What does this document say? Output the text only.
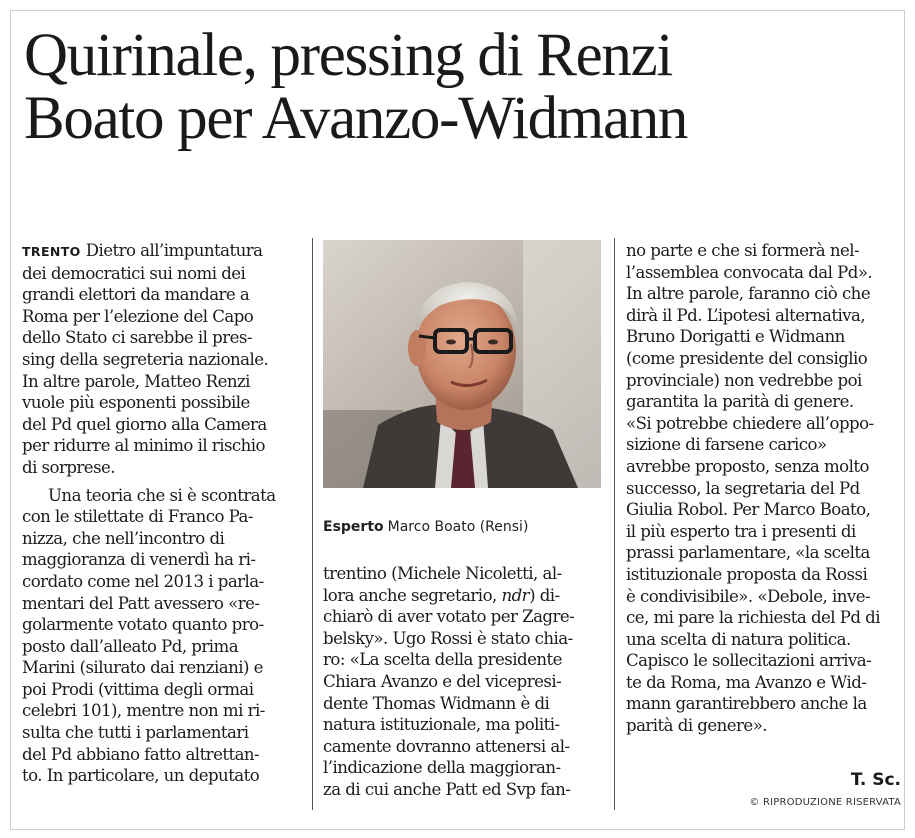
Quirinale, pressing di Renzi
Boato per Avanzo-Widmann
TRENTO Dietro all’impuntatura
dei democratici sui nomi dei
grandi elettori da mandare a
Roma per l’elezione del Capo
dello Stato ci sarebbe il pres-
sing della segreteria nazionale.
In altre parole, Matteo Renzi
vuole più esponenti possibile
del Pd quel giorno alla Camera
per ridurre al minimo il rischio
di sorprese.
Una teoria che si è scontrata
con le stilettate di Franco Pa-
nizza, che nell’incontro di
maggioranza di venerdì ha ri-
cordato come nel 2013 i parla-
mentari del Patt avessero «re-
golarmente votato quanto pro-
posto dall’alleato Pd, prima
Marini (silurato dai renziani) e
poi Prodi (vittima degli ormai
celebri 101), mentre non mi ri-
sulta che tutti i parlamentari
del Pd abbiano fatto altrettan-
to. In particolare, un deputato
Esperto Marco Boato (Rensi)
trentino (Michele Nicoletti, al-
lora anche segretario, ndr) di-
chiarò di aver votato per Zagre-
belsky». Ugo Rossi è stato chia-
ro: «La scelta della presidente
Chiara Avanzo e del vicepresi-
dente Thomas Widmann è di
natura istituzionale, ma politi-
camente dovranno attenersi al-
l’indicazione della maggioran-
za di cui anche Patt ed Svp fan-
no parte e che si formerà nel-
l’assemblea convocata dal Pd».
In altre parole, faranno ciò che
dirà il Pd. L’ipotesi alternativa,
Bruno Dorigatti e Widmann
(come presidente del consiglio
provinciale) non vedrebbe poi
garantita la parità di genere.
«Si potrebbe chiedere all’oppo-
sizione di farsene carico»
avrebbe proposto, senza molto
successo, la segretaria del Pd
Giulia Robol. Per Marco Boato,
il più esperto tra i presenti di
prassi parlamentare, «la scelta
istituzionale proposta da Rossi
è condivisibile». «Debole, inve-
ce, mi pare la richiesta del Pd di
una scelta di natura politica.
Capisco le sollecitazioni arriva-
te da Roma, ma Avanzo e Wid-
mann garantirebbero anche la
parità di genere».
T. Sc.
© RIPRODUZIONE RISERVATA
